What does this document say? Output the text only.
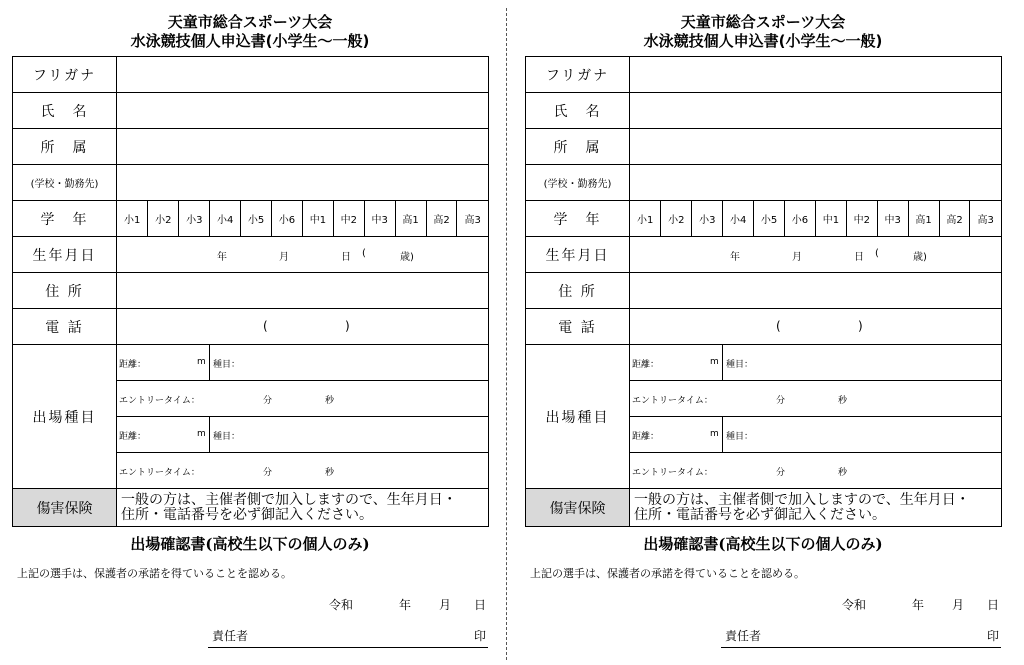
天童市総合スポーツ大会
水泳競技個人申込書(小学生～一般)
フリガナ	
氏　名	
所　属	
(学校・勤務先)	
学　年		小1	小2	小3	小4	小5	小6	中1	中2	中3	高1	高2	高3

生年月日	年	月	日 (	歳)

住 所	
電 話	(	)

出場種目	
距離：	m 種目：

エントリータイム：	分	秒

距離：	m 種目：

エントリータイム：	分	秒

傷害保険	
一般の方は、主催者側で加入しますので、生年月日・
住所・電話番号を必ず御記入ください。
出場確認書(高校生以下の個人のみ)
上記の選手は、保護者の承諾を得ていることを認める。
令和	年 月 日
責任者	印
天童市総合スポーツ大会
水泳競技個人申込書(小学生～一般)
フリガナ	
氏　名	
所　属	
(学校・勤務先)	
学　年		小1	小2	小3	小4	小5	小6	中1	中2	中3	高1	高2	高3

生年月日	年	月	日 (	歳)

住 所	
電 話	(	)

出場種目	
距離：	m 種目：

エントリータイム：	分	秒

距離：	m 種目：

エントリータイム：	分	秒

傷害保険	
一般の方は、主催者側で加入しますので、生年月日・
住所・電話番号を必ず御記入ください。
出場確認書(高校生以下の個人のみ)
上記の選手は、保護者の承諾を得ていることを認める。
令和	年 月 日
責任者	印
